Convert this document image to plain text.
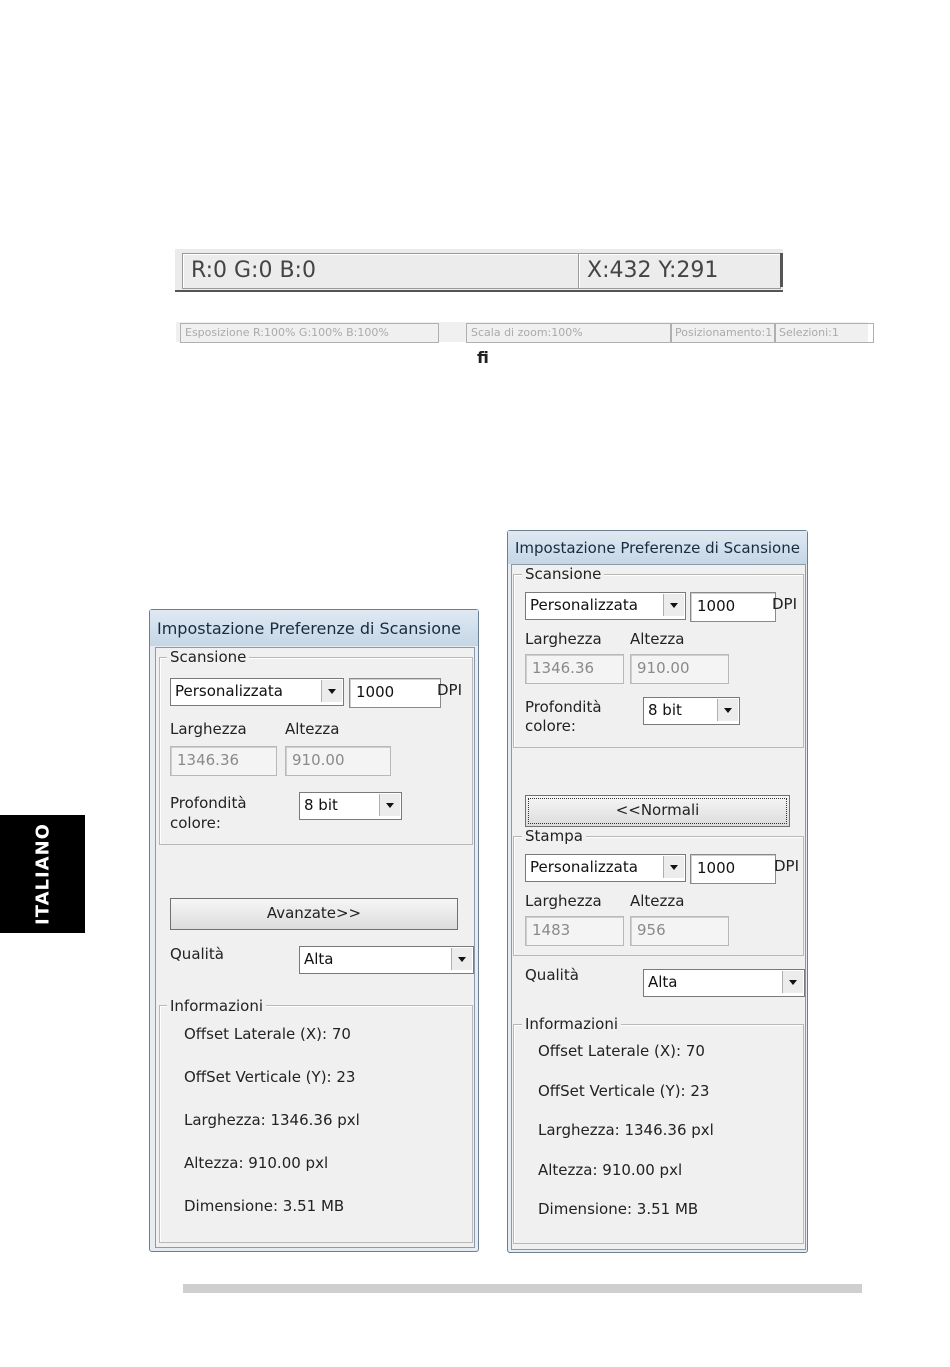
R:0 G:0 B:0	X:432 Y:291
Esposizione R:100% G:100% B:100%	Scala di zoom:100%	Posizionamento:1 Selezioni:1
fi
ITALIANO
Impostazione Preferenze di Scansione
Scansione
Personalizzata	1000	DPI
Larghezza	Altezza
1346.36	910.00
Profondità
colore:
8 bit
Avanzate>>
Qualità	Alta
Informazioni
Offset Laterale (X): 70
OffSet Verticale (Y): 23
Larghezza: 1346.36 pxl
Altezza: 910.00 pxl
Dimensione: 3.51 MB
Impostazione Preferenze di Scansione
Scansione
Personalizzata	1000	DPI
Larghezza Altezza
1346.36	910.00
Profondità
colore:
8 bit
<<Normali
Stampa
Personalizzata	1000	DPI
Larghezza Altezza
1483	956
Qualità	Alta
Informazioni
Offset Laterale (X): 70
OffSet Verticale (Y): 23
Larghezza: 1346.36 pxl
Altezza: 910.00 pxl
Dimensione: 3.51 MB
